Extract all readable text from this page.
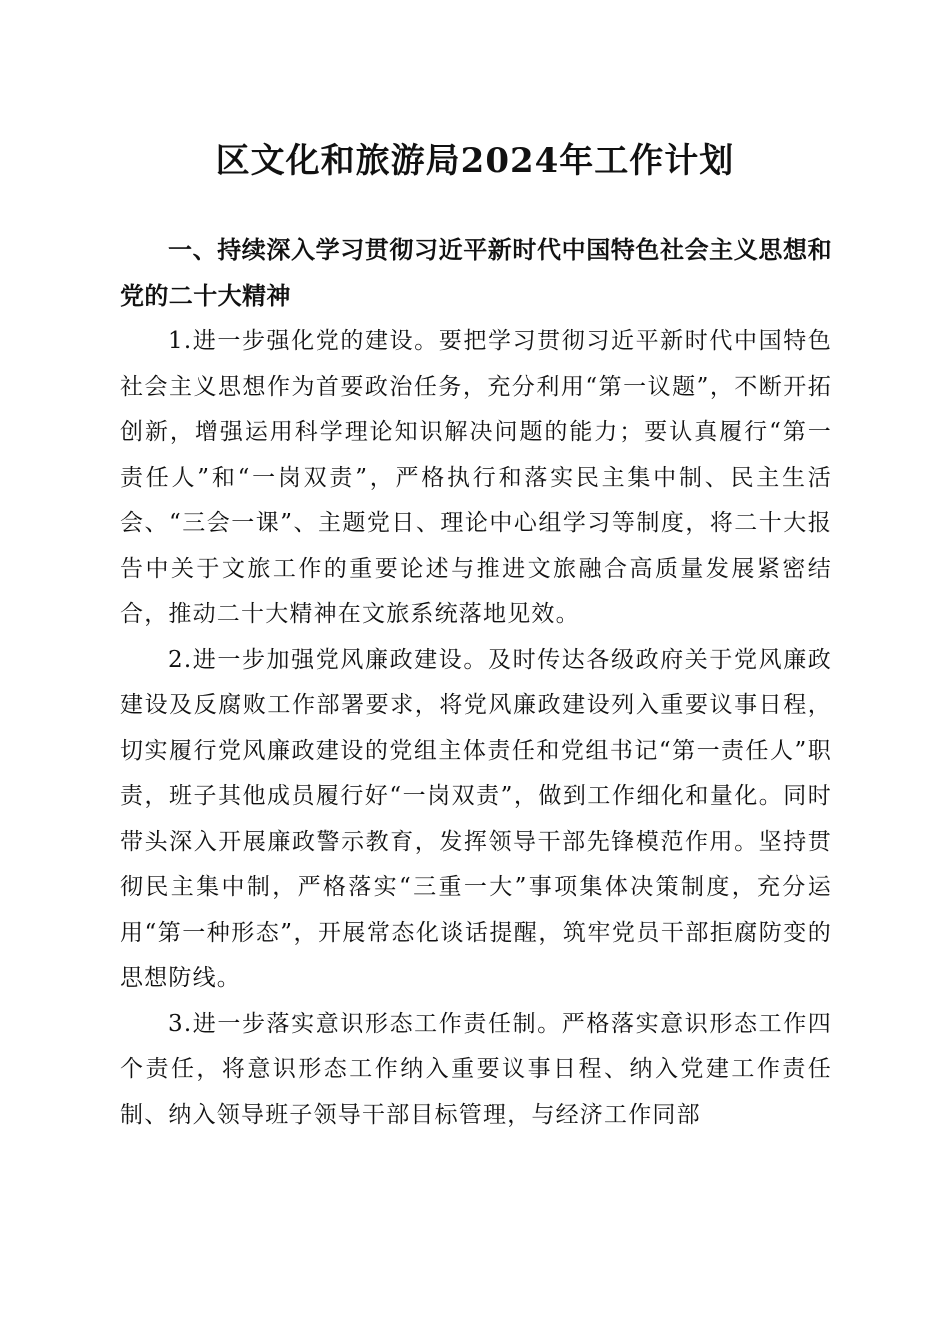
区文化和旅游局2024年工作计划

一、持续深入学习贯彻习近平新时代中国特色社会主义思想和党的二十大精神

1.进一步强化党的建设。要把学习贯彻习近平新时代中国特色社会主义思想作为首要政治任务，充分利用“第一议题”，不断开拓创新，增强运用科学理论知识解决问题的能力；要认真履行“第一责任人”和“一岗双责”，严格执行和落实民主集中制、民主生活会、“三会一课”、主题党日、理论中心组学习等制度，将二十大报告中关于文旅工作的重要论述与推进文旅融合高质量发展紧密结合，推动二十大精神在文旅系统落地见效。

2.进一步加强党风廉政建设。及时传达各级政府关于党风廉政建设及反腐败工作部署要求，将党风廉政建设列入重要议事日程，切实履行党风廉政建设的党组主体责任和党组书记“第一责任人”职责，班子其他成员履行好“一岗双责”，做到工作细化和量化。同时带头深入开展廉政警示教育，发挥领导干部先锋模范作用。坚持贯彻民主集中制，严格落实“三重一大”事项集体决策制度，充分运用“第一种形态”，开展常态化谈话提醒，筑牢党员干部拒腐防变的思想防线。

3.进一步落实意识形态工作责任制。严格落实意识形态工作四个责任，将意识形态工作纳入重要议事日程、纳入党建工作责任制、纳入领导班子领导干部目标管理，与经济工作同部
